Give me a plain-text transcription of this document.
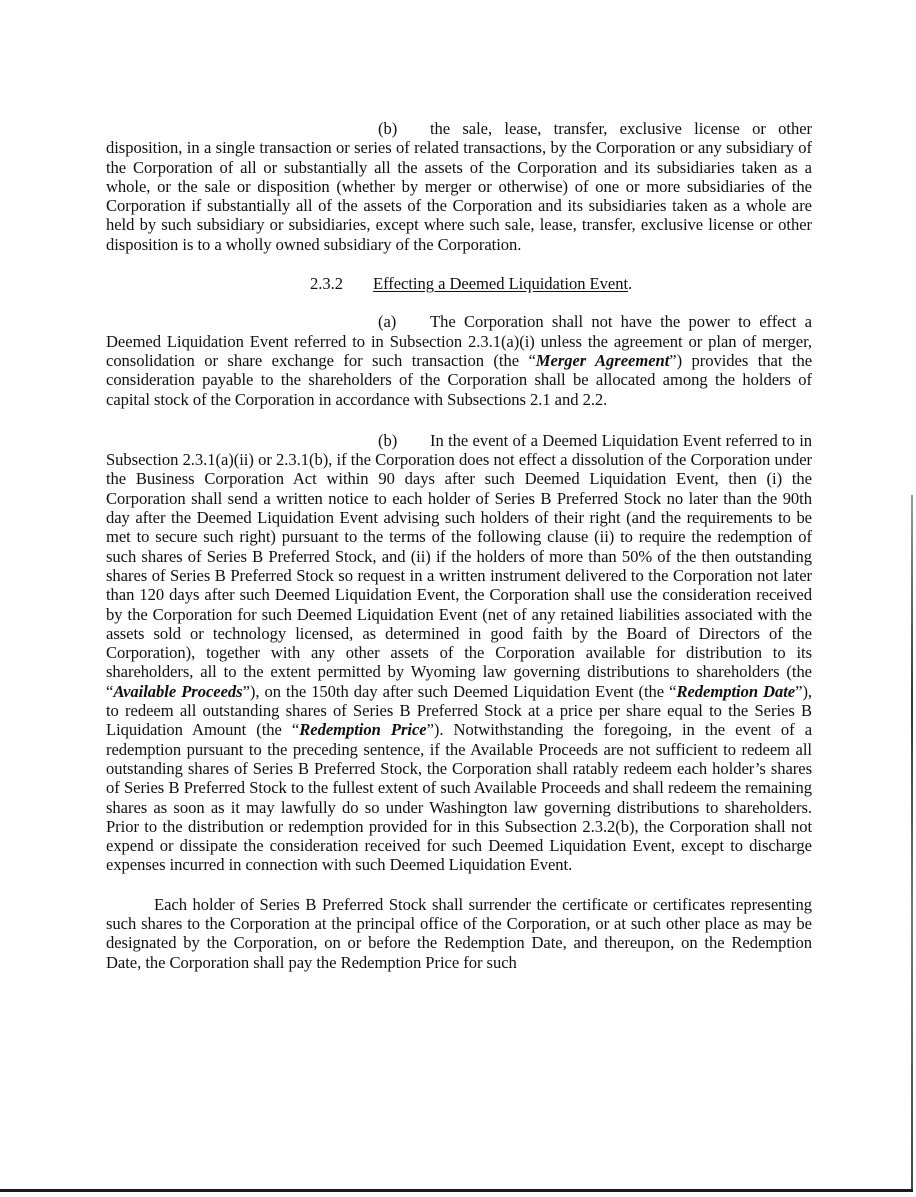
(b) the sale, lease, transfer, exclusive license or other disposition, in a single transaction or series of related transactions, by the Corporation or any subsidiary of the Corporation of all or substantially all the assets of the Corporation and its subsidiaries taken as a whole, or the sale or disposition (whether by merger or otherwise) of one or more subsidiaries of the Corporation if substantially all of the assets of the Corporation and its subsidiaries taken as a whole are held by such subsidiary or subsidiaries, except where such sale, lease, transfer, exclusive license or other disposition is to a wholly owned subsidiary of the Corporation.

2.3.2 Effecting a Deemed Liquidation Event.

(a) The Corporation shall not have the power to effect a Deemed Liquidation Event referred to in Subsection 2.3.1(a)(i) unless the agreement or plan of merger, consolidation or share exchange for such transaction (the “Merger Agreement”) provides that the consideration payable to the shareholders of the Corporation shall be allocated among the holders of capital stock of the Corporation in accordance with Subsections 2.1 and 2.2.

(b) In the event of a Deemed Liquidation Event referred to in Subsection 2.3.1(a)(ii) or 2.3.1(b), if the Corporation does not effect a dissolution of the Corporation under the Business Corporation Act within 90 days after such Deemed Liquidation Event, then (i) the Corporation shall send a written notice to each holder of Series B Preferred Stock no later than the 90th day after the Deemed Liquidation Event advising such holders of their right (and the requirements to be met to secure such right) pursuant to the terms of the following clause (ii) to require the redemption of such shares of Series B Preferred Stock, and (ii) if the holders of more than 50% of the then outstanding shares of Series B Preferred Stock so request in a written instrument delivered to the Corporation not later than 120 days after such Deemed Liquidation Event, the Corporation shall use the consideration received by the Corporation for such Deemed Liquidation Event (net of any retained liabilities associated with the assets sold or technology licensed, as determined in good faith by the Board of Directors of the Corporation), together with any other assets of the Corporation available for distribution to its shareholders, all to the extent permitted by Wyoming law governing distributions to shareholders (the “Available Proceeds”), on the 150th day after such Deemed Liquidation Event (the “Redemption Date”), to redeem all outstanding shares of Series B Preferred Stock at a price per share equal to the Series B Liquidation Amount (the “Redemption Price”). Notwithstanding the foregoing, in the event of a redemption pursuant to the preceding sentence, if the Available Proceeds are not sufficient to redeem all outstanding shares of Series B Preferred Stock, the Corporation shall ratably redeem each holder’s shares of Series B Preferred Stock to the fullest extent of such Available Proceeds and shall redeem the remaining shares as soon as it may lawfully do so under Washington law governing distributions to shareholders. Prior to the distribution or redemption provided for in this Subsection 2.3.2(b), the Corporation shall not expend or dissipate the consideration received for such Deemed Liquidation Event, except to discharge expenses incurred in connection with such Deemed Liquidation Event.

Each holder of Series B Preferred Stock shall surrender the certificate or certificates representing such shares to the Corporation at the principal office of the Corporation, or at such other place as may be designated by the Corporation, on or before the Redemption Date, and thereupon, on the Redemption Date, the Corporation shall pay the Redemption Price for such
